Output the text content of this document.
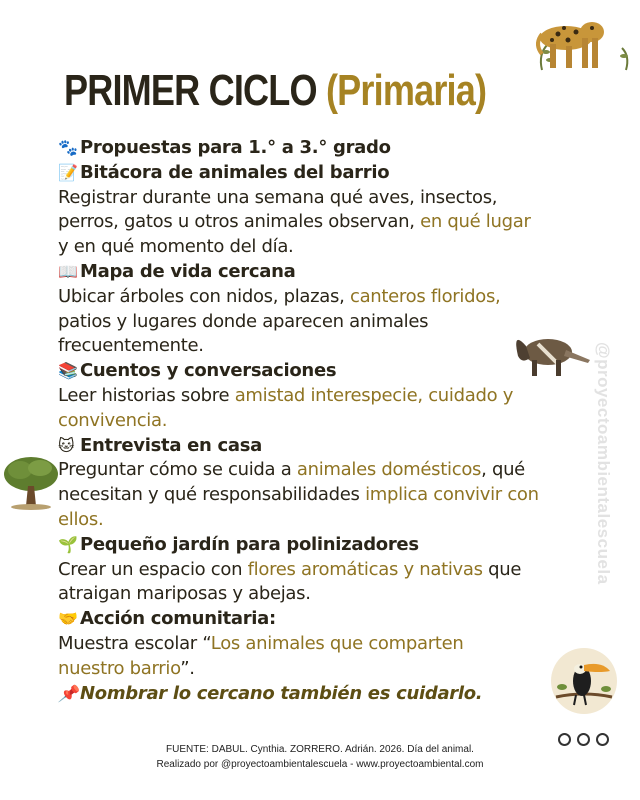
PRIMER CICLO (Primaria)
🐾 Propuestas para 1.° a 3.° grado
📝 Bitácora de animales del barrio
Registrar durante una semana qué aves, insectos,
perros, gatos u otros animales observan, en qué lugar
y en qué momento del día.
📖 Mapa de vida cercana
Ubicar árboles con nidos, plazas, canteros floridos,
patios y lugares donde aparecen animales
frecuentemente.
📚 Cuentos y conversaciones
Leer historias sobre amistad interespecie, cuidado y
convivencia.
🐱 Entrevista en casa
Preguntar cómo se cuida a animales domésticos, qué
necesitan y qué responsabilidades implica convivir con
ellos.
🌱 Pequeño jardín para polinizadores
Crear un espacio con flores aromáticas y nativas que
atraigan mariposas y abejas.
🤝 Acción comunitaria:
Muestra escolar “Los animales que comparten
nuestro barrio”.
📌 Nombrar lo cercano también es cuidarlo.
@proyectoambientalescuela
FUENTE: DABUL. Cynthia. ZORRERO. Adrián. 2026. Día del animal.
Realizado por @proyectoambientalescuela - www.proyectoambiental.com
